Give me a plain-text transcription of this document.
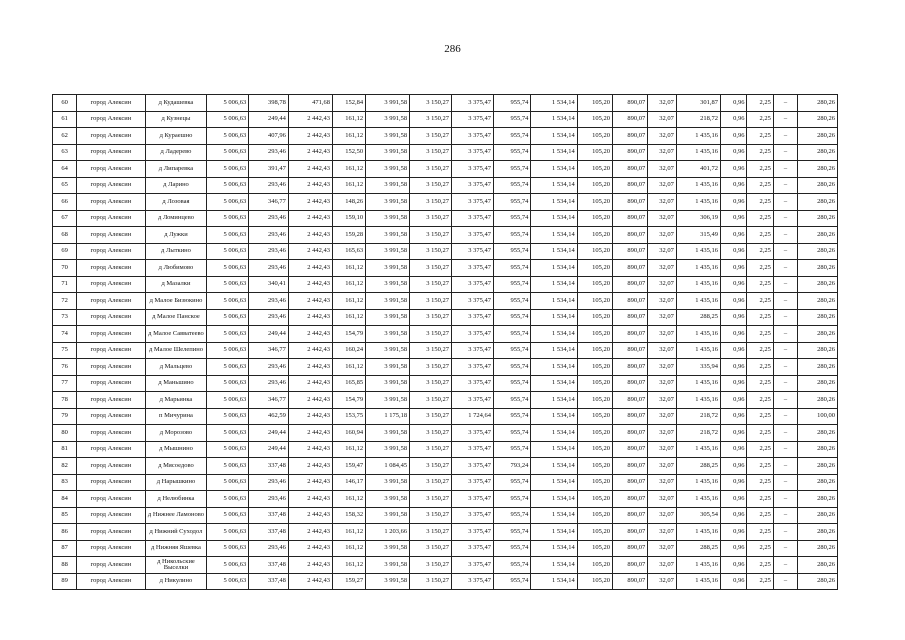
286
60	город Алексин	д Кудашевка	5 006,63	398,78	471,68	152,84	3 991,58	3 150,27	3 375,47	955,74	1 534,14	105,20	890,07	32,07	301,87	0,96	2,25	–	280,26
61	город Алексин	д Кузнецы	5 006,63	249,44	2 442,43	161,12	3 991,58	3 150,27	3 375,47	955,74	1 534,14	105,20	890,07	32,07	218,72	0,96	2,25	–	280,26
62	город Алексин	д Кураешно	5 006,63	407,96	2 442,43	161,12	3 991,58	3 150,27	3 375,47	955,74	1 534,14	105,20	890,07	32,07	1 435,16	0,96	2,25	–	280,26
63	город Алексин	д Ладерево	5 006,63	293,46	2 442,43	152,50	3 991,58	3 150,27	3 375,47	955,74	1 534,14	105,20	890,07	32,07	1 435,16	0,96	2,25	–	280,26
64	город Алексин	д Липаревка	5 006,63	391,47	2 442,43	161,12	3 991,58	3 150,27	3 375,47	955,74	1 534,14	105,20	890,07	32,07	401,72	0,96	2,25	–	280,26
65	город Алексин	д Ларино	5 006,63	293,46	2 442,43	161,12	3 991,58	3 150,27	3 375,47	955,74	1 534,14	105,20	890,07	32,07	1 435,16	0,96	2,25	–	280,26
66	город Алексин	д Лозовая	5 006,63	346,77	2 442,43	148,26	3 991,58	3 150,27	3 375,47	955,74	1 534,14	105,20	890,07	32,07	1 435,16	0,96	2,25	–	280,26
67	город Алексин	д Ломинцево	5 006,63	293,46	2 442,43	159,10	3 991,58	3 150,27	3 375,47	955,74	1 534,14	105,20	890,07	32,07	306,19	0,96	2,25	–	280,26
68	город Алексин	д Лужки	5 006,63	293,46	2 442,43	159,28	3 991,58	3 150,27	3 375,47	955,74	1 534,14	105,20	890,07	32,07	315,49	0,96	2,25	–	280,26
69	город Алексин	д Лыткино	5 006,63	293,46	2 442,43	165,63	3 991,58	3 150,27	3 375,47	955,74	1 534,14	105,20	890,07	32,07	1 435,16	0,96	2,25	–	280,26
70	город Алексин	д Любимово	5 006,63	293,46	2 442,43	161,12	3 991,58	3 150,27	3 375,47	955,74	1 534,14	105,20	890,07	32,07	1 435,16	0,96	2,25	–	280,26
71	город Алексин	д Мазалки	5 006,63	340,41	2 442,43	161,12	3 991,58	3 150,27	3 375,47	955,74	1 534,14	105,20	890,07	32,07	1 435,16	0,96	2,25	–	280,26
72	город Алексин	д Малое Бизюкино	5 006,63	293,46	2 442,43	161,12	3 991,58	3 150,27	3 375,47	955,74	1 534,14	105,20	890,07	32,07	1 435,16	0,96	2,25	–	280,26
73	город Алексин	д Малое Панское	5 006,63	293,46	2 442,43	161,12	3 991,58	3 150,27	3 375,47	955,74	1 534,14	105,20	890,07	32,07	288,25	0,96	2,25	–	280,26
74	город Алексин	д Малое Савватеево	5 006,63	249,44	2 442,43	154,79	3 991,58	3 150,27	3 375,47	955,74	1 534,14	105,20	890,07	32,07	1 435,16	0,96	2,25	–	280,26
75	город Алексин	д Малое Шелепино	5 006,63	346,77	2 442,43	160,24	3 991,58	3 150,27	3 375,47	955,74	1 534,14	105,20	890,07	32,07	1 435,16	0,96	2,25	–	280,26
76	город Алексин	д Мальцево	5 006,63	293,46	2 442,43	161,12	3 991,58	3 150,27	3 375,47	955,74	1 534,14	105,20	890,07	32,07	335,94	0,96	2,25	–	280,26
77	город Алексин	д Маньшино	5 006,63	293,46	2 442,43	165,85	3 991,58	3 150,27	3 375,47	955,74	1 534,14	105,20	890,07	32,07	1 435,16	0,96	2,25	–	280,26
78	город Алексин	д Марьинка	5 006,63	346,77	2 442,43	154,79	3 991,58	3 150,27	3 375,47	955,74	1 534,14	105,20	890,07	32,07	1 435,16	0,96	2,25	–	280,26
79	город Алексин	п Мичурина	5 006,63	462,59	2 442,43	153,75	1 175,18	3 150,27	1 724,64	955,74	1 534,14	105,20	890,07	32,07	218,72	0,96	2,25	–	100,00
80	город Алексин	д Морозово	5 006,63	249,44	2 442,43	160,94	3 991,58	3 150,27	3 375,47	955,74	1 534,14	105,20	890,07	32,07	218,72	0,96	2,25	–	280,26
81	город Алексин	д Мышнино	5 006,63	249,44	2 442,43	161,12	3 991,58	3 150,27	3 375,47	955,74	1 534,14	105,20	890,07	32,07	1 435,16	0,96	2,25	–	280,26
82	город Алексин	д Мясоедово	5 006,63	337,48	2 442,43	159,47	1 084,45	3 150,27	3 375,47	793,24	1 534,14	105,20	890,07	32,07	288,25	0,96	2,25	–	280,26
83	город Алексин	д Нарышкино	5 006,63	293,46	2 442,43	146,17	3 991,58	3 150,27	3 375,47	955,74	1 534,14	105,20	890,07	32,07	1 435,16	0,96	2,25	–	280,26
84	город Алексин	д Нелюбинка	5 006,63	293,46	2 442,43	161,12	3 991,58	3 150,27	3 375,47	955,74	1 534,14	105,20	890,07	32,07	1 435,16	0,96	2,25	–	280,26
85	город Алексин	д Нижнее Ламоново	5 006,63	337,48	2 442,43	158,32	3 991,58	3 150,27	3 375,47	955,74	1 534,14	105,20	890,07	32,07	305,54	0,96	2,25	–	280,26
86	город Алексин	д Нижний Суходол	5 006,63	337,48	2 442,43	161,12	1 203,66	3 150,27	3 375,47	955,74	1 534,14	105,20	890,07	32,07	1 435,16	0,96	2,25	–	280,26
87	город Алексин	д Нижняя Яшевка	5 006,63	293,46	2 442,43	161,12	3 991,58	3 150,27	3 375,47	955,74	1 534,14	105,20	890,07	32,07	288,25	0,96	2,25	–	280,26
88	город Алексин	д Никольские Выселки	5 006,63	337,48	2 442,43	161,12	3 991,58	3 150,27	3 375,47	955,74	1 534,14	105,20	890,07	32,07	1 435,16	0,96	2,25	–	280,26
89	город Алексин	д Никулино	5 006,63	337,48	2 442,43	159,27	3 991,58	3 150,27	3 375,47	955,74	1 534,14	105,20	890,07	32,07	1 435,16	0,96	2,25	–	280,26
